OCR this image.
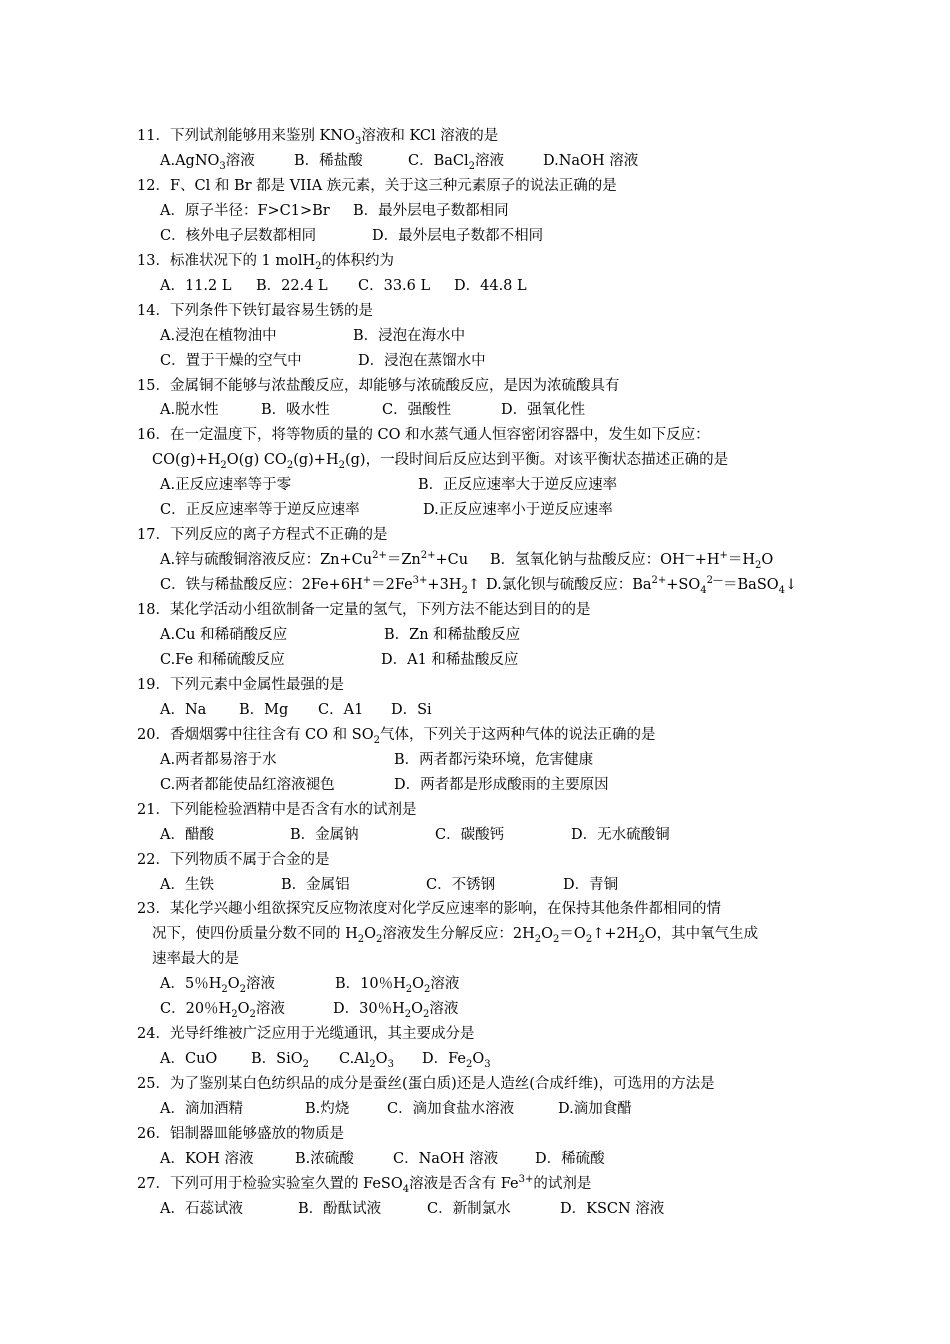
11．下列试剂能够用来鉴别 $KNO_3$溶液和 KCl 溶液的是
A.AgNO$_3$溶液	B．稀盐酸	C．BaCl$_2$溶液	D.NaOH 溶液
12．F、Cl 和 Br 都是 VIIA 族元素，关于这三种元素原子的说法正确的是
A．原子半径：F>C1>Br B．最外层电子数都相同
C．核外电子层数都相同	D．最外层电子数都不相同
13．标准状况下的 1 molH$_2$的体积约为
A．11.2 L B．22.4 L C．33.6 L D．44.8 L
14．下列条件下铁钉最容易生锈的是
A.浸泡在植物油中	B．浸泡在海水中
C．置于干燥的空气中	D．浸泡在蒸馏水中
15．金属铜不能够与浓盐酸反应，却能够与浓硫酸反应，是因为浓硫酸具有
A.脱水性	B．吸水性	C．强酸性	D．强氧化性
16．在一定温度下，将等物质的量的 CO 和水蒸气通人恒容密闭容器中，发生如下反应：
$CO(g)+H_2O(g)$ $CO_2(g)+H_2(g)$，一段时间后反应达到平衡。对该平衡状态描述正确的是
A.正反应速率等于零	B．正反应速率大于逆反应速率
C．正反应速率等于逆反应速率	D.正反应速率小于逆反应速率
17．下列反应的离子方程式不正确的是
A.锌与硫酸铜溶液反应：$Zn+Cu^{2+}=Zn^{2+}+Cu$ B．氢氧化钠与盐酸反应：$OH^—+H^+=H_2O$
C．铁与稀盐酸反应：$2Fe+6H^+=2Fe^{3+}+3H_2↑$ D.氯化钡与硫酸反应：$Ba^{2+}+SO_4^{2—}=BaSO_4↓$
18．某化学活动小组欲制备一定量的氢气，下列方法不能达到目的的是
A.Cu 和稀硝酸反应	B．Zn 和稀盐酸反应
C.Fe 和稀硫酸反应	D．A1 和稀盐酸反应
19．下列元素中金属性最强的是
A．Na B．Mg C．A1 D．Si
20．香烟烟雾中往往含有 CO 和 $SO_2$气体，下列关于这两种气体的说法正确的是
A.两者都易溶于水	B．两者都污染环境，危害健康
C.两者都能使品红溶液褪色	D．两者都是形成酸雨的主要原因
21．下列能检验酒精中是否含有水的试剂是
A．醋酸	B．金属钠	C．碳酸钙	D．无水硫酸铜
22．下列物质不属于合金的是
A．生铁	B．金属铝	C．不锈钢	D．青铜
23．某化学兴趣小组欲探究反应物浓度对化学反应速率的影响，在保持其他条件都相同的情
况下，使四份质量分数不同的 $H_2O_2$溶液发生分解反应：$2H_2O_2=O_2↑+2H_2O$，其中氧气生成
速率最大的是
A．5％$H_2O_2$溶液	B．10％$H_2O_2$溶液
C．20％$H_2O_2$溶液	D．30％$H_2O_2$溶液
24．光导纤维被广泛应用于光缆通讯，其主要成分是
A．CuO B．SiO$_2$ $C.Al_2O_3$ D．$Fe_2O_3$
25．为了鉴别某白色纺织品的成分是蚕丝(蛋白质)还是人造丝(合成纤维)，可选用的方法是
A．滴加酒精	B.灼烧	C．滴加食盐水溶液	D.滴加食醋
26．铝制器皿能够盛放的物质是
A．KOH 溶液	B.浓硫酸	C．NaOH 溶液	D．稀硫酸
27．下列可用于检验实验室久置的 FeSO$_4$溶液是否含有 $Fe^{3+}$的试剂是
A．石蕊试液	B．酚酞试液	C．新制氯水	D．KSCN 溶液
